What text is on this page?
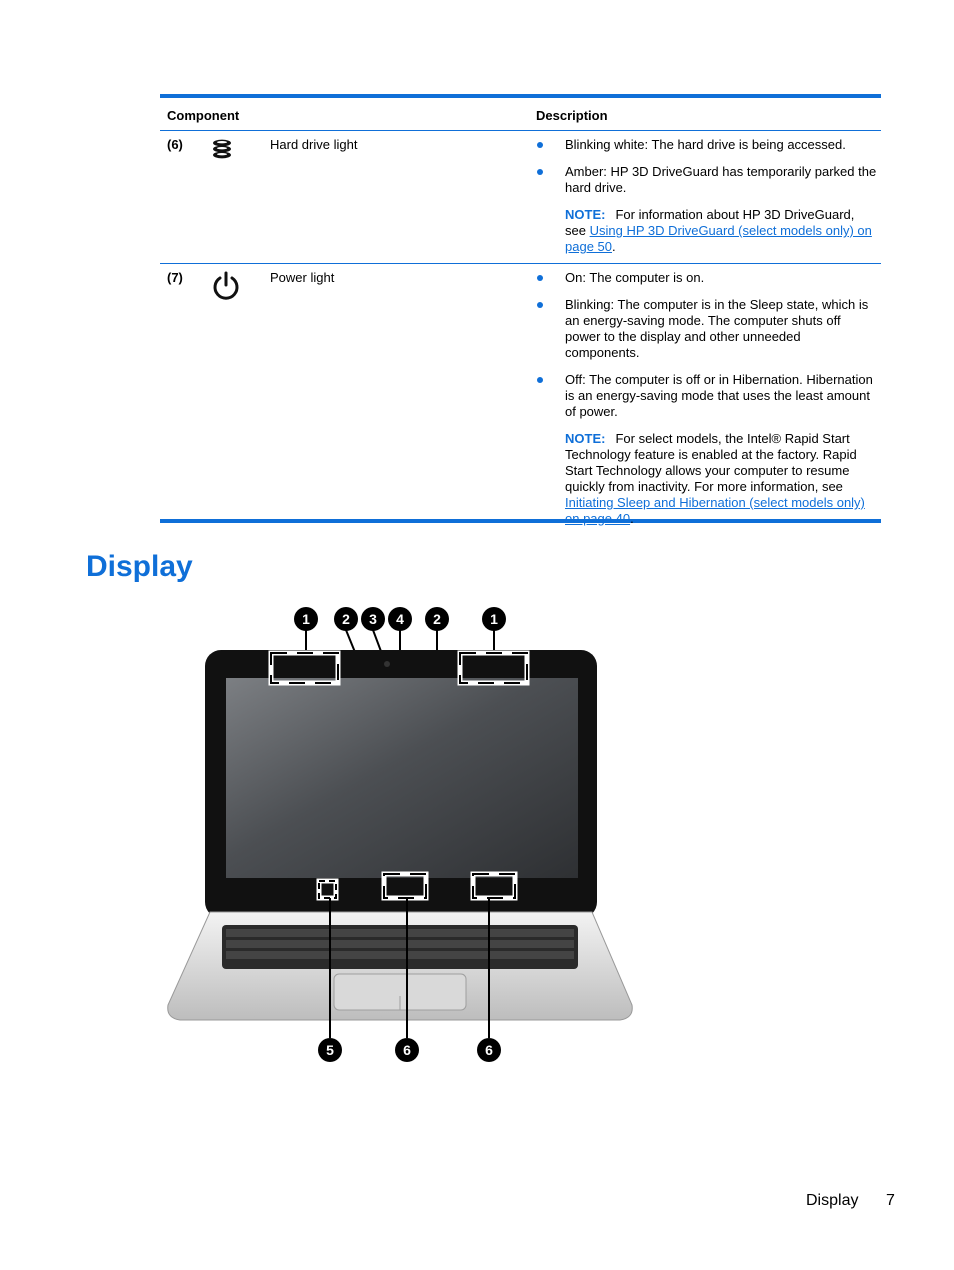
Component	Description
(6)	Hard drive light	Blinking white: The hard drive is being accessed.
Amber: HP 3D DriveGuard has temporarily parked the hard drive.
NOTE: For information about HP 3D DriveGuard, see Using HP 3D DriveGuard (select models only) on page 50.
(7)	Power light	On: The computer is on.
Blinking: The computer is in the Sleep state, which is an energy-saving mode. The computer shuts off power to the display and other unneeded components.
Off: The computer is off or in Hibernation. Hibernation is an energy-saving mode that uses the least amount of power.
NOTE: For select models, the Intel® Rapid Start Technology feature is enabled at the factory. Rapid Start Technology allows your computer to resume quickly from inactivity. For more information, see Initiating Sleep and Hibernation (select models only) on page 40.
Display
1 2 3 4 2	1
5	6	6
Display 7
